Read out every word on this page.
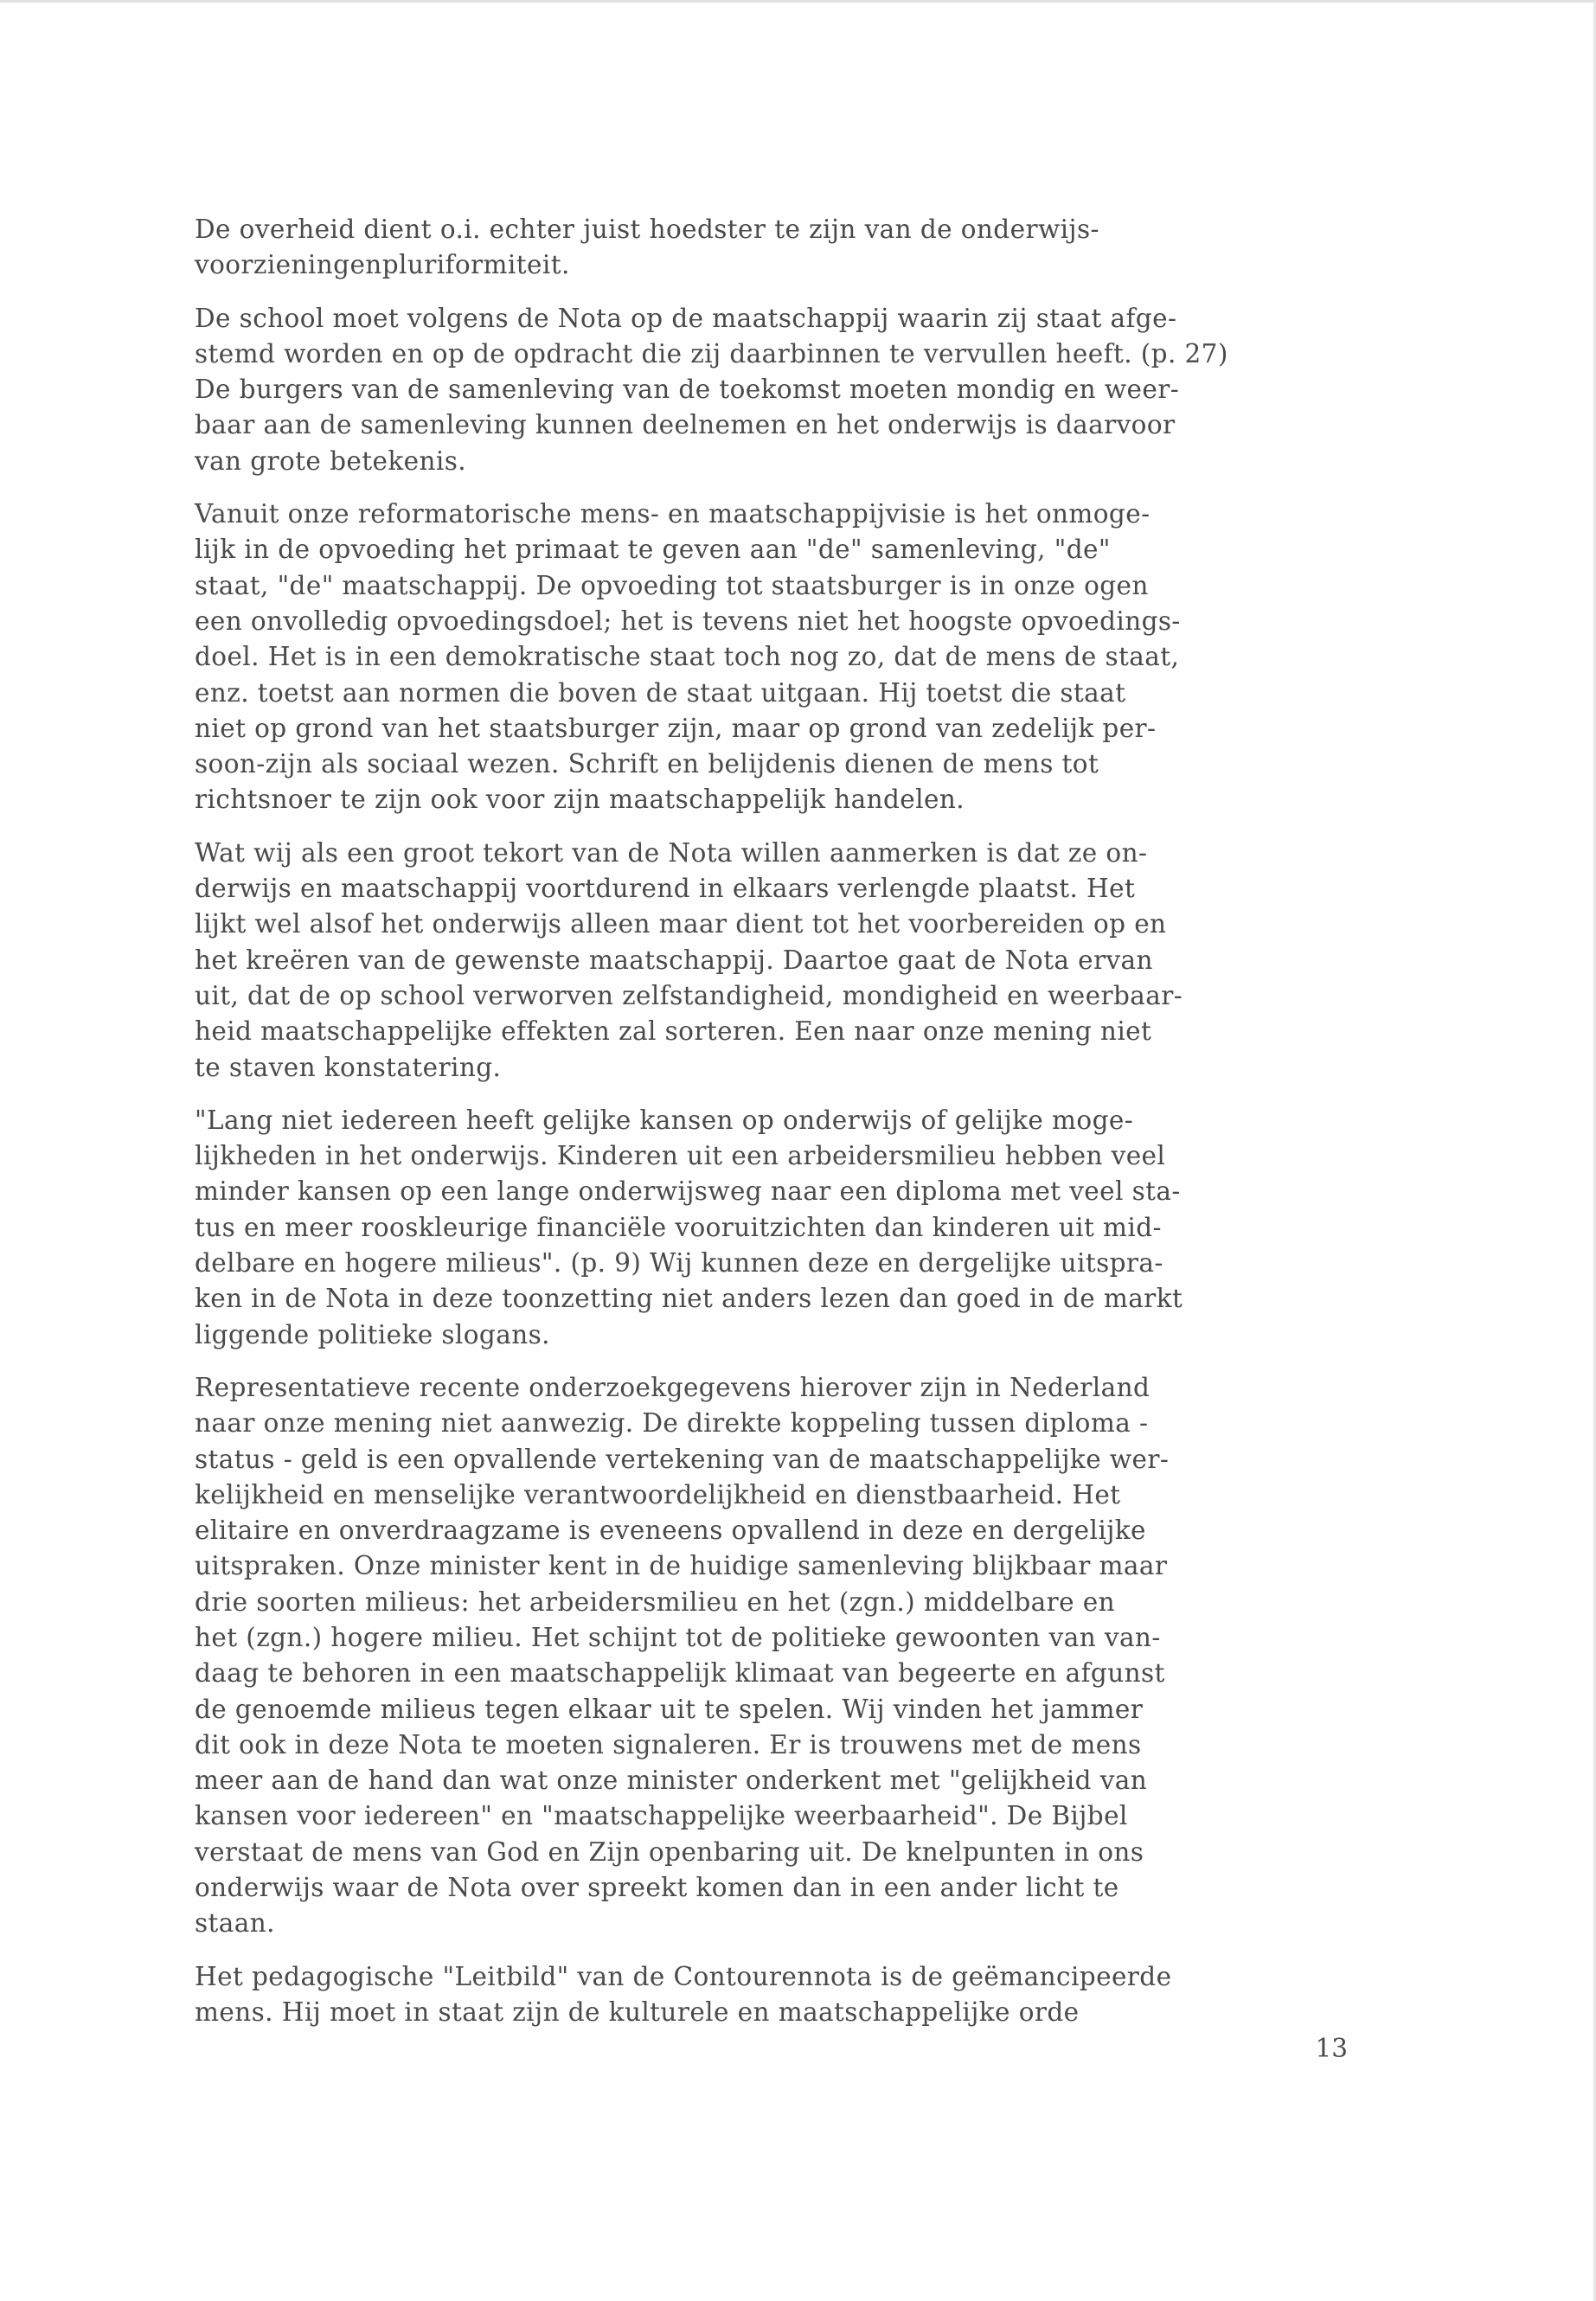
De overheid dient o.i. echter juist hoedster te zijn van de onderwijs-
voorzieningenpluriformiteit.

De school moet volgens de Nota op de maatschappij waarin zij staat afge-
stemd worden en op de opdracht die zij daarbinnen te vervullen heeft. (p. 27)
De burgers van de samenleving van de toekomst moeten mondig en weer-
baar aan de samenleving kunnen deelnemen en het onderwijs is daarvoor
van grote betekenis.

Vanuit onze reformatorische mens- en maatschappijvisie is het onmoge-
lijk in de opvoeding het primaat te geven aan "de" samenleving, "de"
staat, "de" maatschappij. De opvoeding tot staatsburger is in onze ogen
een onvolledig opvoedingsdoel; het is tevens niet het hoogste opvoedings-
doel. Het is in een demokratische staat toch nog zo, dat de mens de staat,
enz. toetst aan normen die boven de staat uitgaan. Hij toetst die staat
niet op grond van het staatsburger zijn, maar op grond van zedelijk per-
soon-zijn als sociaal wezen. Schrift en belijdenis dienen de mens tot
richtsnoer te zijn ook voor zijn maatschappelijk handelen.

Wat wij als een groot tekort van de Nota willen aanmerken is dat ze on-
derwijs en maatschappij voortdurend in elkaars verlengde plaatst. Het
lijkt wel alsof het onderwijs alleen maar dient tot het voorbereiden op en
het kreëren van de gewenste maatschappij. Daartoe gaat de Nota ervan
uit, dat de op school verworven zelfstandigheid, mondigheid en weerbaar-
heid maatschappelijke effekten zal sorteren. Een naar onze mening niet
te staven konstatering.

"Lang niet iedereen heeft gelijke kansen op onderwijs of gelijke moge-
lijkheden in het onderwijs. Kinderen uit een arbeidersmilieu hebben veel
minder kansen op een lange onderwijsweg naar een diploma met veel sta-
tus en meer rooskleurige financiële vooruitzichten dan kinderen uit mid-
delbare en hogere milieus". (p. 9) Wij kunnen deze en dergelijke uitspra-
ken in de Nota in deze toonzetting niet anders lezen dan goed in de markt
liggende politieke slogans.

Representatieve recente onderzoekgegevens hierover zijn in Nederland
naar onze mening niet aanwezig. De direkte koppeling tussen diploma -
status - geld is een opvallende vertekening van de maatschappelijke wer-
kelijkheid en menselijke verantwoordelijkheid en dienstbaarheid. Het
elitaire en onverdraagzame is eveneens opvallend in deze en dergelijke
uitspraken. Onze minister kent in de huidige samenleving blijkbaar maar
drie soorten milieus: het arbeidersmilieu en het (zgn.) middelbare en
het (zgn.) hogere milieu. Het schijnt tot de politieke gewoonten van van-
daag te behoren in een maatschappelijk klimaat van begeerte en afgunst
de genoemde milieus tegen elkaar uit te spelen. Wij vinden het jammer
dit ook in deze Nota te moeten signaleren. Er is trouwens met de mens
meer aan de hand dan wat onze minister onderkent met "gelijkheid van
kansen voor iedereen" en "maatschappelijke weerbaarheid". De Bijbel
verstaat de mens van God en Zijn openbaring uit. De knelpunten in ons
onderwijs waar de Nota over spreekt komen dan in een ander licht te
staan.

Het pedagogische "Leitbild" van de Contourennota is de geëmancipeerde
mens. Hij moet in staat zijn de kulturele en maatschappelijke orde

13
